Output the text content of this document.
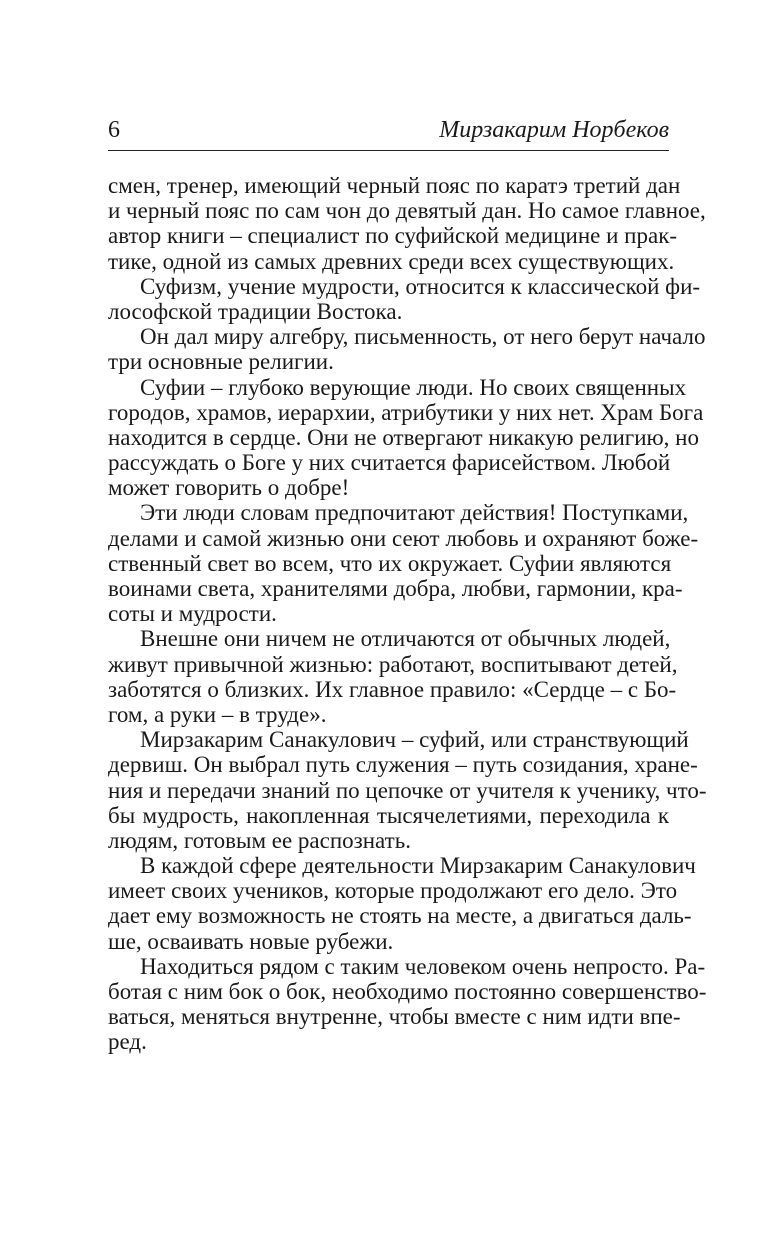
6	Мирзакарим Норбеков
смен, тренер, имеющий черный пояс по каратэ третий дан
и черный пояс по сам чон до девятый дан. Но самое главное,
автор книги – специалист по суфийской медицине и прак-
тике, одной из самых древних среди всех существующих.
Суфизм, учение мудрости, относится к классической фи-
лософской традиции Востока.
Он дал миру алгебру, письменность, от него берут начало
три основные религии.
Суфии – глубоко верующие люди. Но своих священных
городов, храмов, иерархии, атрибутики у них нет. Храм Бога
находится в сердце. Они не отвергают никакую религию, но
рассуждать о Боге у них считается фарисейством. Любой
может говорить о добре!
Эти люди словам предпочитают действия! Поступками,
делами и самой жизнью они сеют любовь и охраняют боже-
ственный свет во всем, что их окружает. Суфии являются
воинами света, хранителями добра, любви, гармонии, кра-
соты и мудрости.
Внешне они ничем не отличаются от обычных людей,
живут привычной жизнью: работают, воспитывают детей,
заботятся о близких. Их главное правило: «Сердце – с Бо-
гом, а руки – в труде».
Мирзакарим Санакулович – суфий, или странствующий
дервиш. Он выбрал путь служения – путь созидания, хране-
ния и передачи знаний по цепочке от учителя к ученику, что-
бы мудрость, накопленная тысячелетиями, переходила к
людям, готовым ее распознать.
В каждой сфере деятельности Мирзакарим Санакулович
имеет своих учеников, которые продолжают его дело. Это
дает ему возможность не стоять на месте, а двигаться даль-
ше, осваивать новые рубежи.
Находиться рядом с таким человеком очень непросто. Ра-
ботая с ним бок о бок, необходимо постоянно совершенство-
ваться, меняться внутренне, чтобы вместе с ним идти впе-
ред.
